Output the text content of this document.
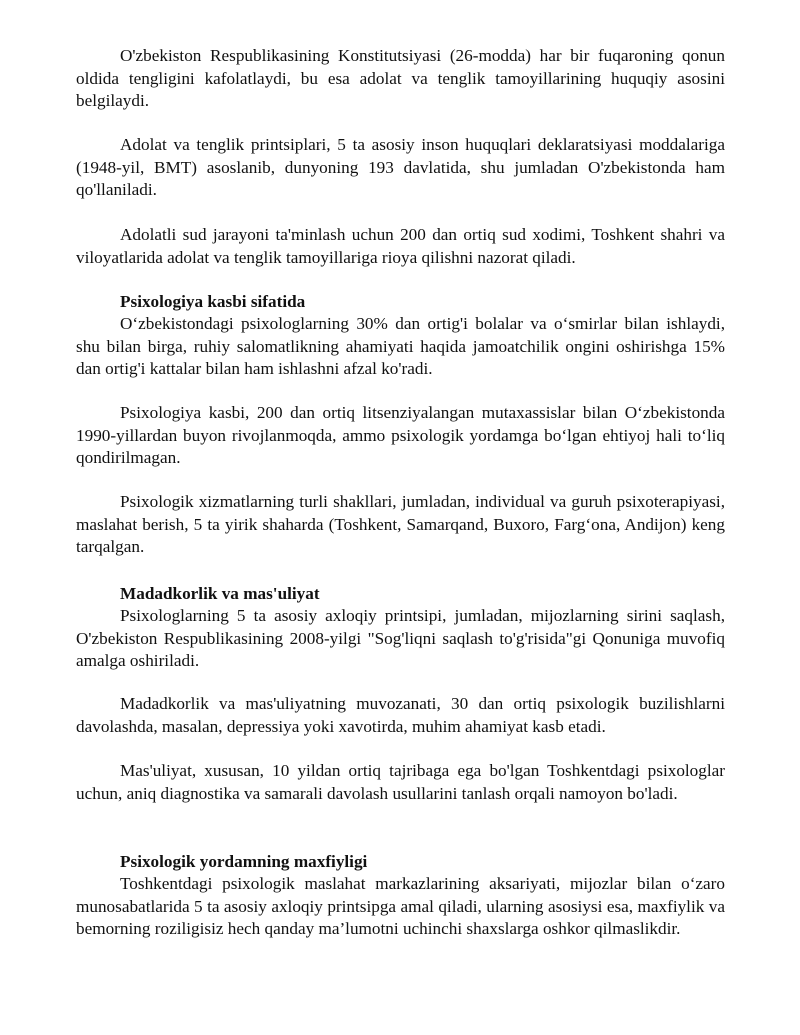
O'zbekiston Respublikasining Konstitutsiyasi (26-modda) har bir fuqaroning qonun oldida tengligini kafolatlaydi, bu esa adolat va tenglik tamoyillarining huquqiy asosini belgilaydi.

Adolat va tenglik printsiplari, 5 ta asosiy inson huquqlari deklaratsiyasi moddalariga (1948-yil, BMT) asoslanib, dunyoning 193 davlatida, shu jumladan O'zbekistonda ham qo'llaniladi.

Adolatli sud jarayoni ta'minlash uchun 200 dan ortiq sud xodimi, Toshkent shahri va viloyatlarida adolat va tenglik tamoyillariga rioya qilishni nazorat qiladi.

Psixologiya kasbi sifatida

O‘zbekistondagi psixologlarning 30% dan ortig'i bolalar va o‘smirlar bilan ishlaydi, shu bilan birga, ruhiy salomatlikning ahamiyati haqida jamoatchilik ongini oshirishga 15% dan ortig'i kattalar bilan ham ishlashni afzal ko'radi.

Psixologiya kasbi, 200 dan ortiq litsenziyalangan mutaxassislar bilan O‘zbekistonda 1990-yillardan buyon rivojlanmoqda, ammo psixologik yordamga bo‘lgan ehtiyoj hali to‘liq qondirilmagan.

Psixologik xizmatlarning turli shakllari, jumladan, individual va guruh psixoterapiyasi, maslahat berish, 5 ta yirik shaharda (Toshkent, Samarqand, Buxoro, Farg‘ona, Andijon) keng tarqalgan.

Madadkorlik va mas'uliyat

Psixologlarning 5 ta asosiy axloqiy printsipi, jumladan, mijozlarning sirini saqlash, O'zbekiston Respublikasining 2008-yilgi "Sog'liqni saqlash to'g'risida"gi Qonuniga muvofiq amalga oshiriladi.

Madadkorlik va mas'uliyatning muvozanati, 30 dan ortiq psixologik buzilishlarni davolashda, masalan, depressiya yoki xavotirda, muhim ahamiyat kasb etadi.

Mas'uliyat, xususan, 10 yildan ortiq tajribaga ega bo'lgan Toshkentdagi psixologlar uchun, aniq diagnostika va samarali davolash usullarini tanlash orqali namoyon bo'ladi.

Psixologik yordamning maxfiyligi

Toshkentdagi psixologik maslahat markazlarining aksariyati, mijozlar bilan o‘zaro munosabatlarida 5 ta asosiy axloqiy printsipga amal qiladi, ularning asosiysi esa, maxfiylik va bemorning roziligisiz hech qanday ma’lumotni uchinchi shaxslarga oshkor qilmaslikdir.
